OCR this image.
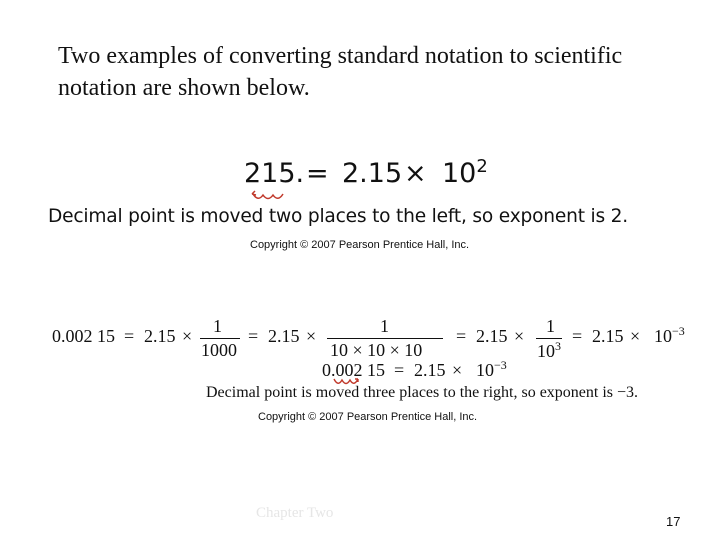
Two examples of converting standard notation to scientific notation are shown below.
215. = $2.15 \times 10^2$
Decimal point is moved two places to the left, so exponent is 2.
Copyright © 2007 Pearson Prentice Hall, Inc.
0.002 15 = 2.15 × 1
1000
= 2.15 ×	1
10 × 10 × 10
= 2.15 × 1
$10^3 = 2.15 \times 10^{-3}$
0.002 $15 = 2.15 \times 10^{-3}$
Decimal point is moved three places to the right, so exponent is −3.
Copyright © 2007 Pearson Prentice Hall, Inc.
Chapter Two
17
